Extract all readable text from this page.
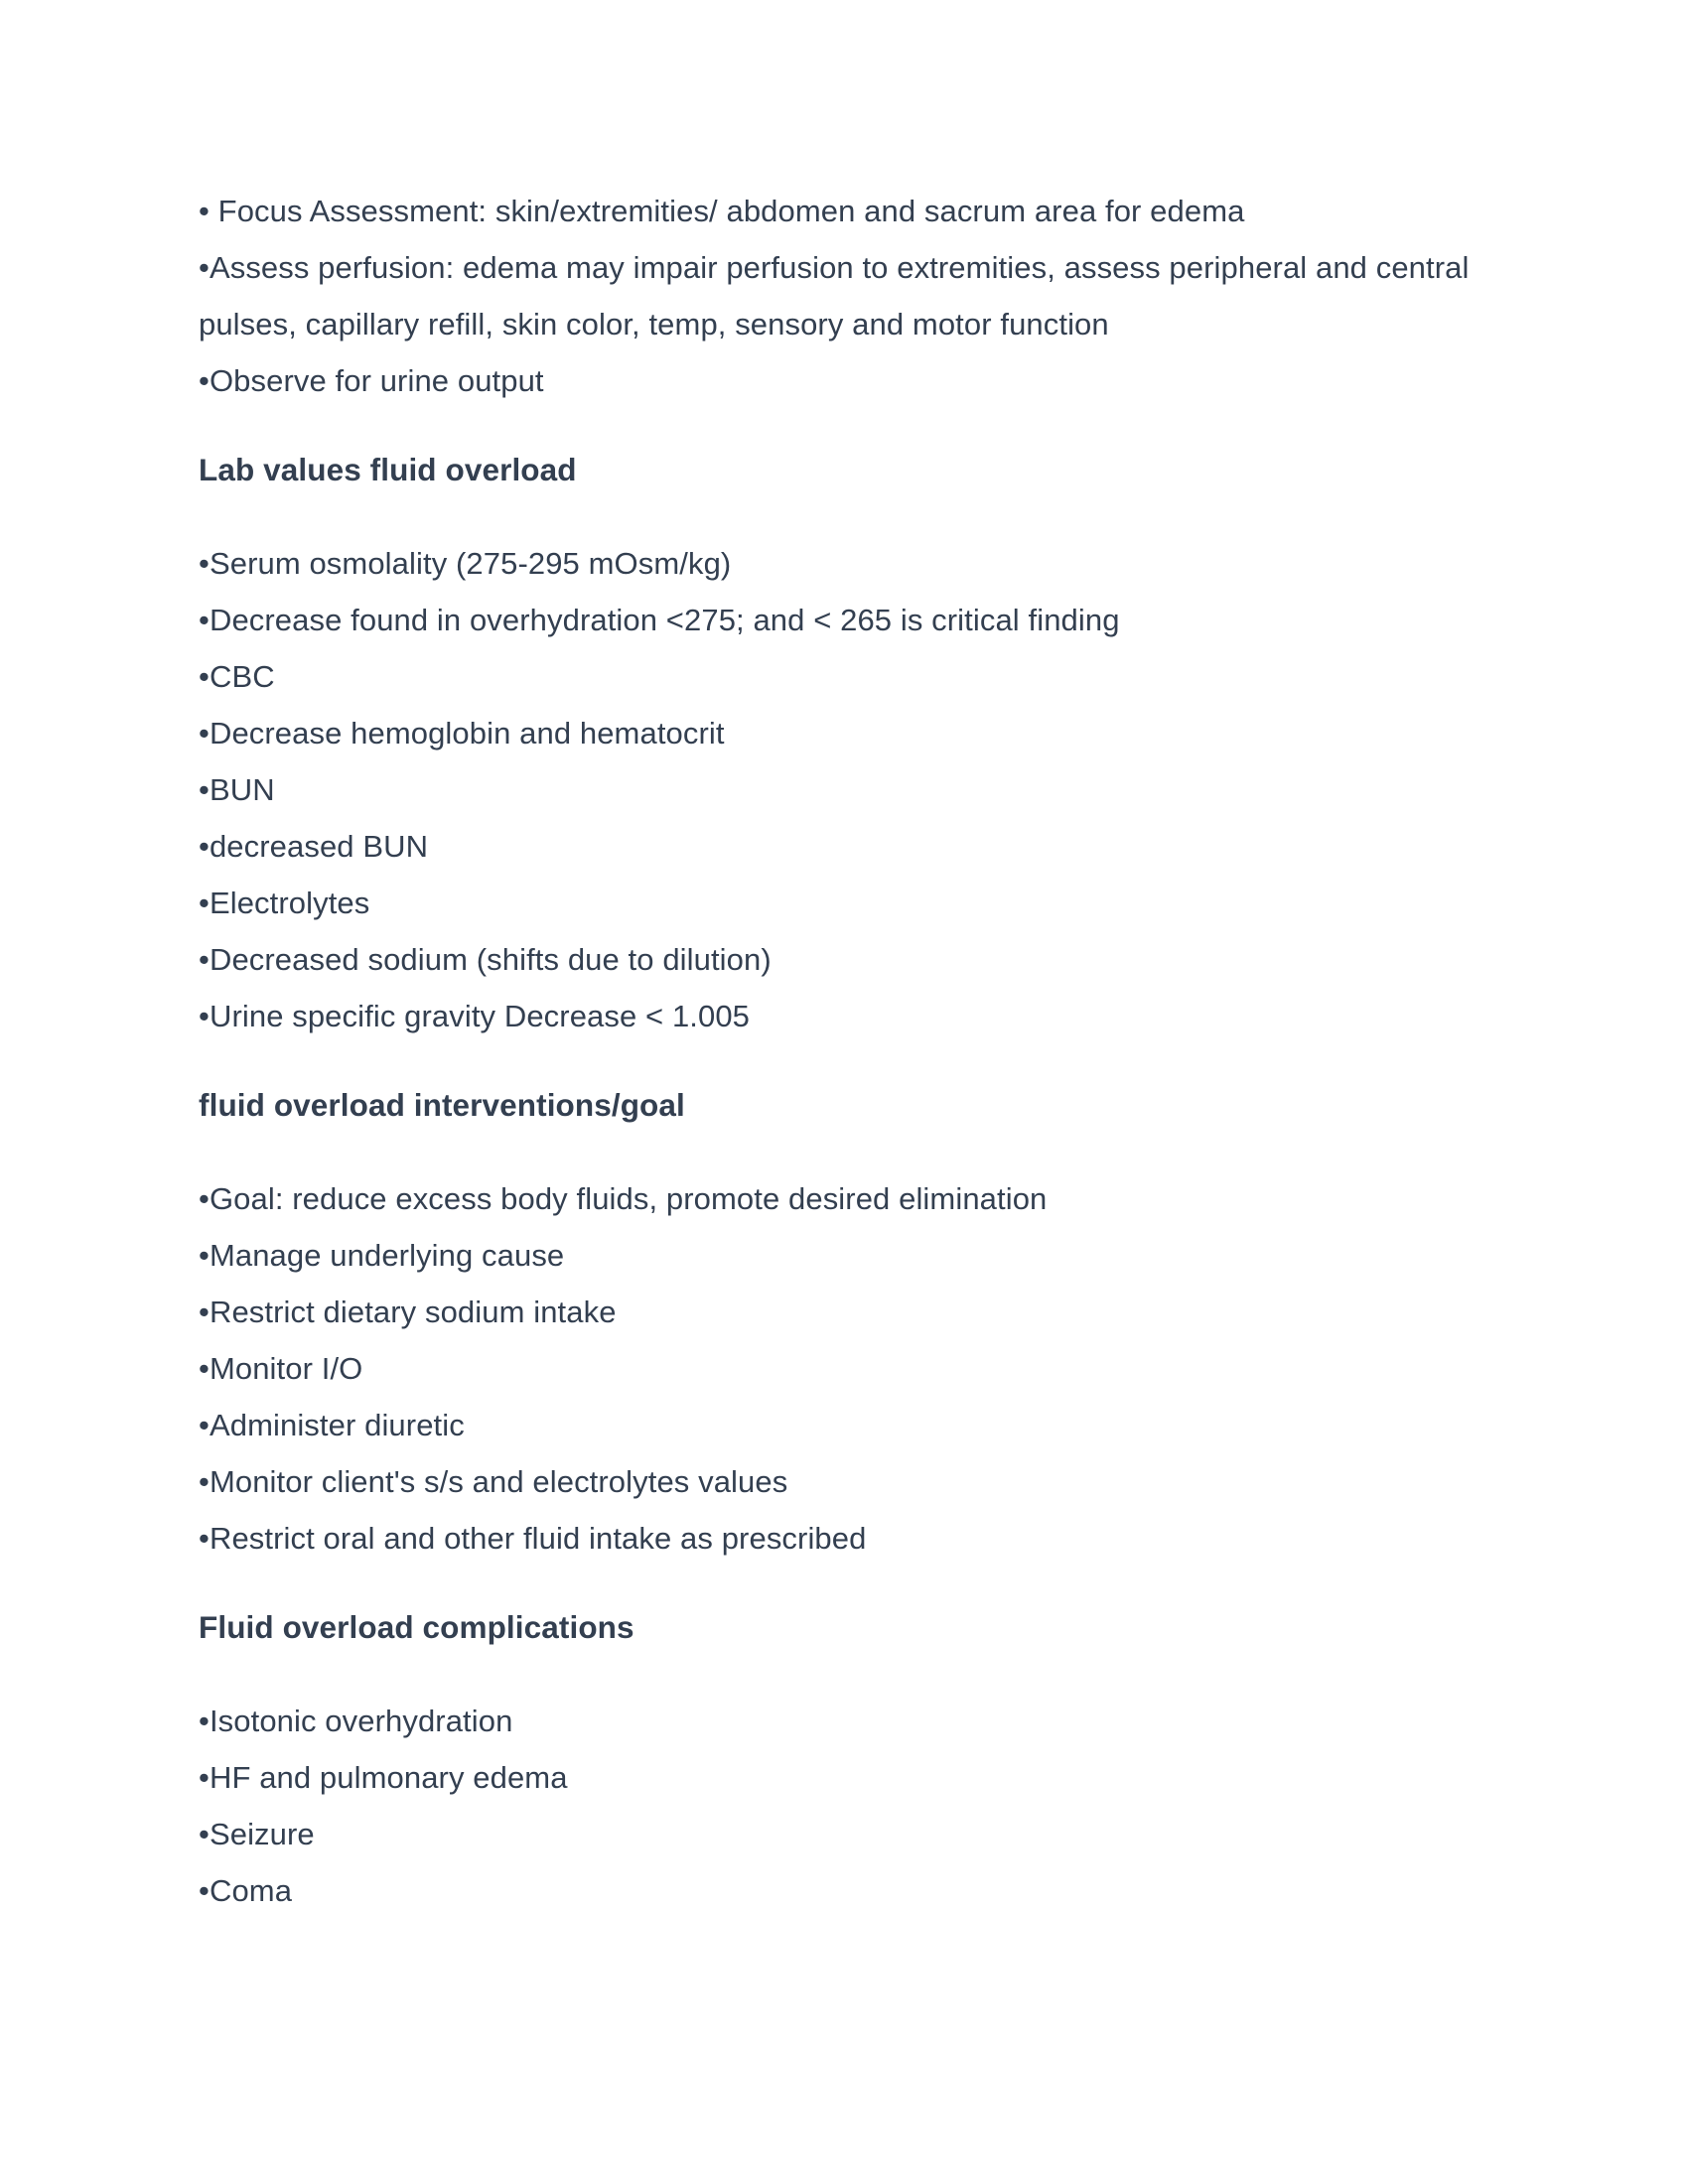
• Focus Assessment: skin/extremities/ abdomen and sacrum area for edema

•Assess perfusion: edema may impair perfusion to extremities, assess peripheral and central pulses, capillary refill, skin color, temp, sensory and motor function

•Observe for urine output

Lab values fluid overload

•Serum osmolality (275-295 mOsm/kg)

•Decrease found in overhydration <275; and < 265 is critical finding

•CBC

•Decrease hemoglobin and hematocrit

•BUN

•decreased BUN

•Electrolytes

•Decreased sodium (shifts due to dilution)

•Urine specific gravity Decrease < 1.005

fluid overload interventions/goal

•Goal: reduce excess body fluids, promote desired elimination

•Manage underlying cause

•Restrict dietary sodium intake

•Monitor I/O

•Administer diuretic

•Monitor client's s/s and electrolytes values

•Restrict oral and other fluid intake as prescribed

Fluid overload complications

•Isotonic overhydration

•HF and pulmonary edema

•Seizure

•Coma
